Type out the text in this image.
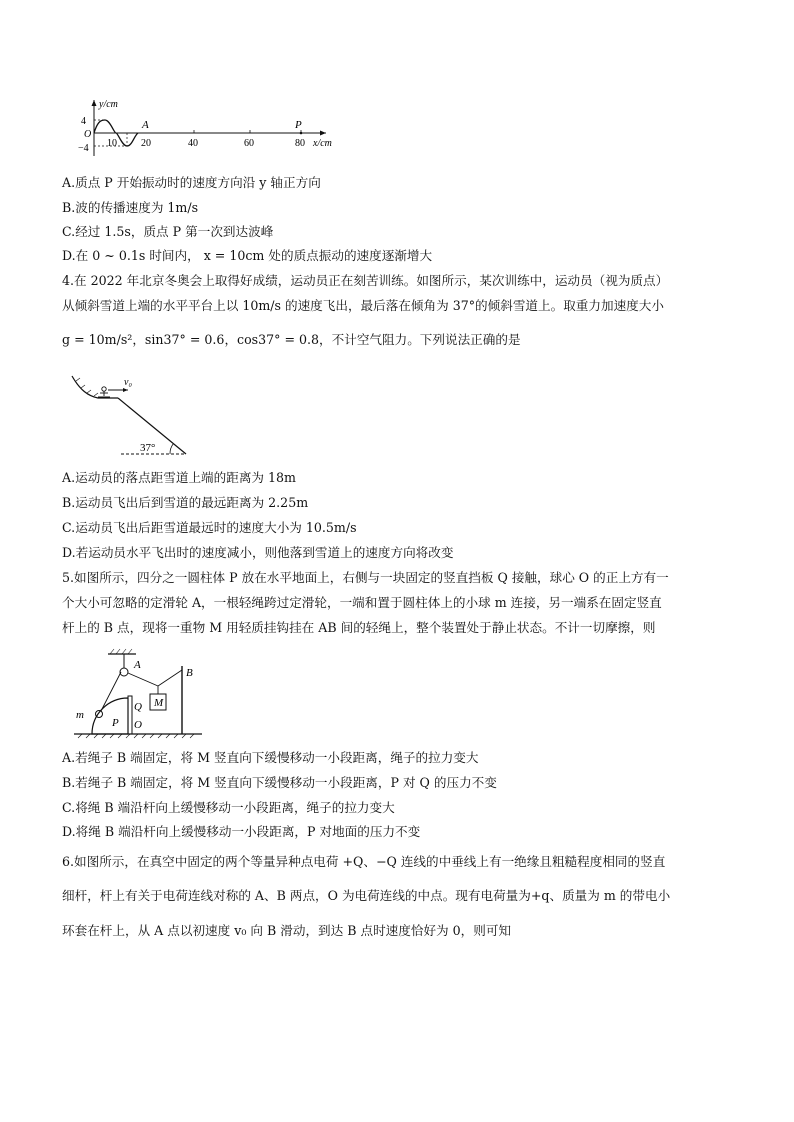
y/cm
4
O
−4 10 20	40	60	80 x/cm
A	P
A.质点 P 开始振动时的速度方向沿 y 轴正方向
B.波的传播速度为 1m/s
C.经过 1.5s，质点 P 第一次到达波峰
D.在 0 ~ 0.1s 时间内， x = 10cm 处的质点振动的速度逐渐增大
4.在 2022 年北京冬奥会上取得好成绩，运动员正在刻苦训练。如图所示，某次训练中，运动员（视为质点）
从倾斜雪道上端的水平平台上以 10m/s 的速度飞出，最后落在倾角为 37°的倾斜雪道上。取重力加速度大小
g = 10m/s²，sin37° = 0.6，cos37° = 0.8，不计空气阻力。下列说法正确的是
v₀
37°
A.运动员的落点距雪道上端的距离为 18m
B.运动员飞出后到雪道的最远距离为 2.25m
C.运动员飞出后距雪道最远时的速度大小为 10.5m/s
D.若运动员水平飞出时的速度减小，则他落到雪道上的速度方向将改变
5.如图所示，四分之一圆柱体 P 放在水平地面上，右侧与一块固定的竖直挡板 Q 接触，球心 O 的正上方有一
个大小可忽略的定滑轮 A，一根轻绳跨过定滑轮，一端和置于圆柱体上的小球 m 连接，另一端系在固定竖直
杆上的 B 点，现将一重物 M 用轻质挂钩挂在 AB 间的轻绳上，整个装置处于静止状态。不计一切摩擦，则
A
B
m
P
Q
O
M
A.若绳子 B 端固定，将 M 竖直向下缓慢移动一小段距离，绳子的拉力变大
B.若绳子 B 端固定，将 M 竖直向下缓慢移动一小段距离，P 对 Q 的压力不变
C.将绳 B 端沿杆向上缓慢移动一小段距离，绳子的拉力变大
D.将绳 B 端沿杆向上缓慢移动一小段距离，P 对地面的压力不变
6.如图所示，在真空中固定的两个等量异种点电荷 +Q、−Q 连线的中垂线上有一绝缘且粗糙程度相同的竖直
细杆，杆上有关于电荷连线对称的 A、B 两点，O 为电荷连线的中点。现有电荷量为+q、质量为 m 的带电小
环套在杆上，从 A 点以初速度 v₀ 向 B 滑动，到达 B 点时速度恰好为 0，则可知
